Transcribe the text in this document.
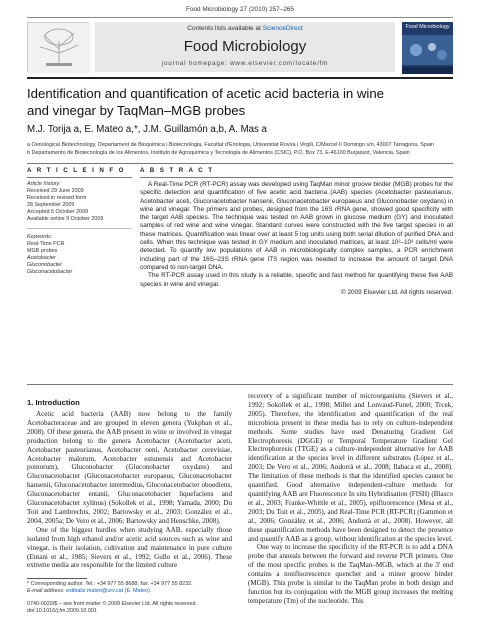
Food Microbiology 27 (2010) 257–265
Contents lists available at ScienceDirect
Food Microbiology
journal homepage: www.elsevier.com/locate/fm
Food Microbiology
Identification and quantification of acetic acid bacteria in wine
and vinegar by TaqMan–MGB probes
M.J. Torija a, E. Mateo a,*, J.M. Guillamón a,b, A. Mas a
a Oenological Biotechnology, Departament de Bioquímica i Biotecnologia, Facultat d'Enologia, Universitat Rovira i Virgili, C/Marcel·lí Domingo s/n, 43007 Tarragona, Spain
b Departamento de Biotecnología de los Alimentos, Instituto de Agroquímica y Tecnología de Alimentos (CSIC), P.O. Box 73, E-46100 Burjassot, Valencia, Spain
A R T I C L E I N F O A B S T R A C T
Article history:
Received 29 June 2009
Received in revised form
28 September 2009
Accepted 5 October 2009
Available online 9 October 2009
Keywords:
Real-Time PCR
MGB probes
Acetobacter
Gluconobacter
Gluconacetobacter

A Real-Time PCR (RT-PCR) assay was developed using TaqMan minor groove binder (MGB) probes for the specific detection and quantification of five acetic acid bacteria (AAB) species (Acetobacter pasteurianus, Acetobacter aceti, Gluconacetobacter hansenii, Gluconacetobacter europaeus and Gluconobacter oxydans) in wine and vinegar. The primers and probes, designed from the 16S rRNA gene, showed good specificity with the target AAB species. The technique was tested on AAB grown in glucose medium (GY) and inoculated samples of red wine and wine vinegar. Standard curves were constructed with the five target species in all these matrices. Quantification was linear over at least 5 log units using both serial dilution of purified DNA and cells. When this technique was tested in GY medium and inoculated matrices, at least 10²–10³ cells/ml were detected. To quantify low populations of AAB in microbiologically complex samples, a PCR enrichment including part of the 16S–23S rRNA gene ITS region was needed to increase the amount of target DNA compared to non-target DNA.

The RT-PCR assay used in this study is a reliable, specific and fast method for quantifying these five AAB species in wine and vinegar.

© 2009 Elsevier Ltd. All rights reserved.
1. Introduction

Acetic acid bacteria (AAB) now belong to the family Acetobacteraceae and are grouped in eleven genera (Yukphan et al., 2008). Of these genera, the AAB present in wine or involved in vinegar production belong to the genera Acetobacter (Acetobacter aceti, Acetobacter pasteurianus, Acetobacter oeni, Acetobacter cerevisiae, Acetobacter malorum, Acetobacter estunensis and Acetobacter pomorum), Gluconobacter (Gluconobacter oxydans) and Gluconacetobacter (Gluconacetobacter europaeus, Gluconacetobacter hansenii, Gluconacetobacter intermedius, Gluconacetobacter oboediens, Gluconacetobacter entanii, Gluconacetobacter liquefaciens and Gluconacetobacter xylinus) (Sokollek et al., 1998; Yamada, 2000; Du Toit and Lambrechts, 2002; Bartowsky et al., 2003; González et al., 2004, 2005a; De Vero et al., 2006; Bartowsky and Henschke, 2008).

One of the biggest hurdles when studying AAB, especially those isolated from high ethanol and/or acetic acid sources such as wine and vinegar, is their isolation, cultivation and maintenance in pure culture (Entani et al., 1985; Sievers et al., 1992; Gullo et al., 2006). These extreme media are responsible for the limited culture

recovery of a significant number of microorganisms (Sievers et al., 1992; Sokollek et al., 1998; Millet and Lonvaud-Funel, 2000; Trcek, 2005). Therefore, the identification and quantification of the real microbiota present in these media has to rely on culture-independent methods. Some studies have used Denaturing Gradient Gel Electrophoresis (DGGE) or Temporal Temperature Gradient Gel Electrophoresis (TTGE) as a culture-independent alternative for AAB identification at the species level in different substrates (López et al., 2003; De Vero et al., 2006; Andorrà et al., 2008; Ilabaca et al., 2008). The limitation of these methods is that the identified species cannot be quantified. Good alternative independent-culture methods for quantifying AAB are Fluorescence In situ Hybridisation (FISH) (Blasco et al., 2003; Franke-Whittle et al., 2005), epifluorescence (Mesa et al., 2003; Du Toit et al., 2005), and Real-Time PCR (RT-PCR) (Gammon et al., 2006; González et al., 2006; Andorrà et al., 2008). However, all these quantification methods have been designed to detect the presence and quantify AAB as a group, without identification at the species level.

One way to increase the specificity of the RT-PCR is to add a DNA probe that anneals between the forward and reverse PCR primers. One of the most specific probes is the TaqMan–MGB, which at the 3' end contains a nonfluorescence quencher and a minor groove binder (MGB). This probe is similar to the TaqMan probe in both design and function but its conjugation with the MGB group increases the melting temperature (Tm) of the nucleotide. This

* Corresponding author. Tel.: +34 977 55 8688; fax: +34 977 55 8232.
E-mail address: estibaliz.mateo@urv.cat (E. Mateo).
0740-0020/$ – see front matter © 2009 Elsevier Ltd. All rights reserved.
doi:10.1016/j.fm.2009.10.001
